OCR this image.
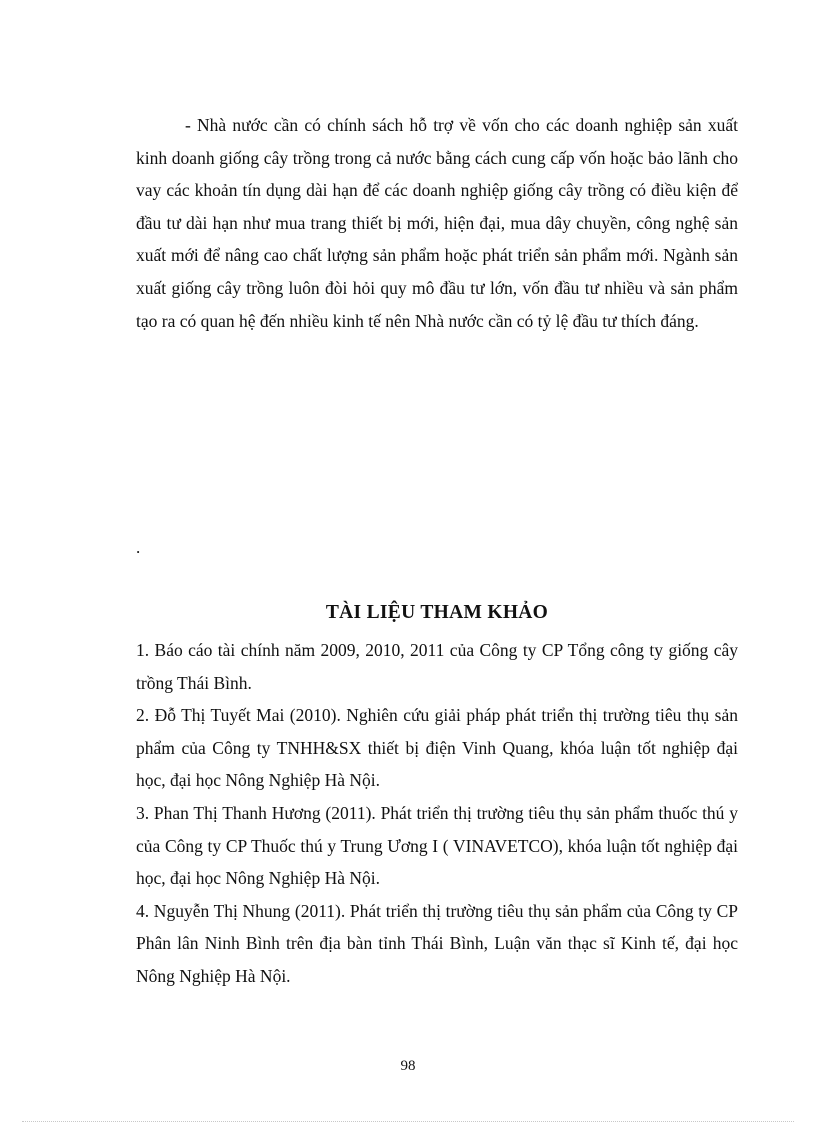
- Nhà nước cần có chính sách hỗ trợ về vốn cho các doanh nghiệp sản xuất kinh doanh giống cây trồng trong cả nước bằng cách cung cấp vốn hoặc bảo lãnh cho vay các khoản tín dụng dài hạn để các doanh nghiệp giống cây trồng có điều kiện để đầu tư dài hạn như mua trang thiết bị mới, hiện đại, mua dây chuyền, công nghệ sản xuất mới để nâng cao chất lượng sản phẩm hoặc phát triển sản phẩm mới. Ngành sản xuất giống cây trồng luôn đòi hỏi quy mô đầu tư lớn, vốn đầu tư nhiều và sản phẩm tạo ra có quan hệ đến nhiều kinh tế nên Nhà nước cần có tỷ lệ đầu tư thích đáng.

.
TÀI LIỆU THAM KHẢO
1. Báo cáo tài chính năm 2009, 2010, 2011 của Công ty CP Tổng công ty giống cây trồng Thái Bình.
2. Đỗ Thị Tuyết Mai (2010). Nghiên cứu giải pháp phát triển thị trường tiêu thụ sản phẩm của Công ty TNHH&SX thiết bị điện Vinh Quang, khóa luận tốt nghiệp đại học, đại học Nông Nghiệp Hà Nội.
3. Phan Thị Thanh Hương (2011). Phát triển thị trường tiêu thụ sản phẩm thuốc thú y của Công ty CP Thuốc thú y Trung Ương I ( VINAVETCO), khóa luận tốt nghiệp đại học, đại học Nông Nghiệp Hà Nội.
4. Nguyễn Thị Nhung (2011). Phát triển thị trường tiêu thụ sản phẩm của Công ty CP Phân lân Ninh Bình trên địa bàn tỉnh Thái Bình, Luận văn thạc sĩ Kinh tế, đại học Nông Nghiệp Hà Nội.
98
